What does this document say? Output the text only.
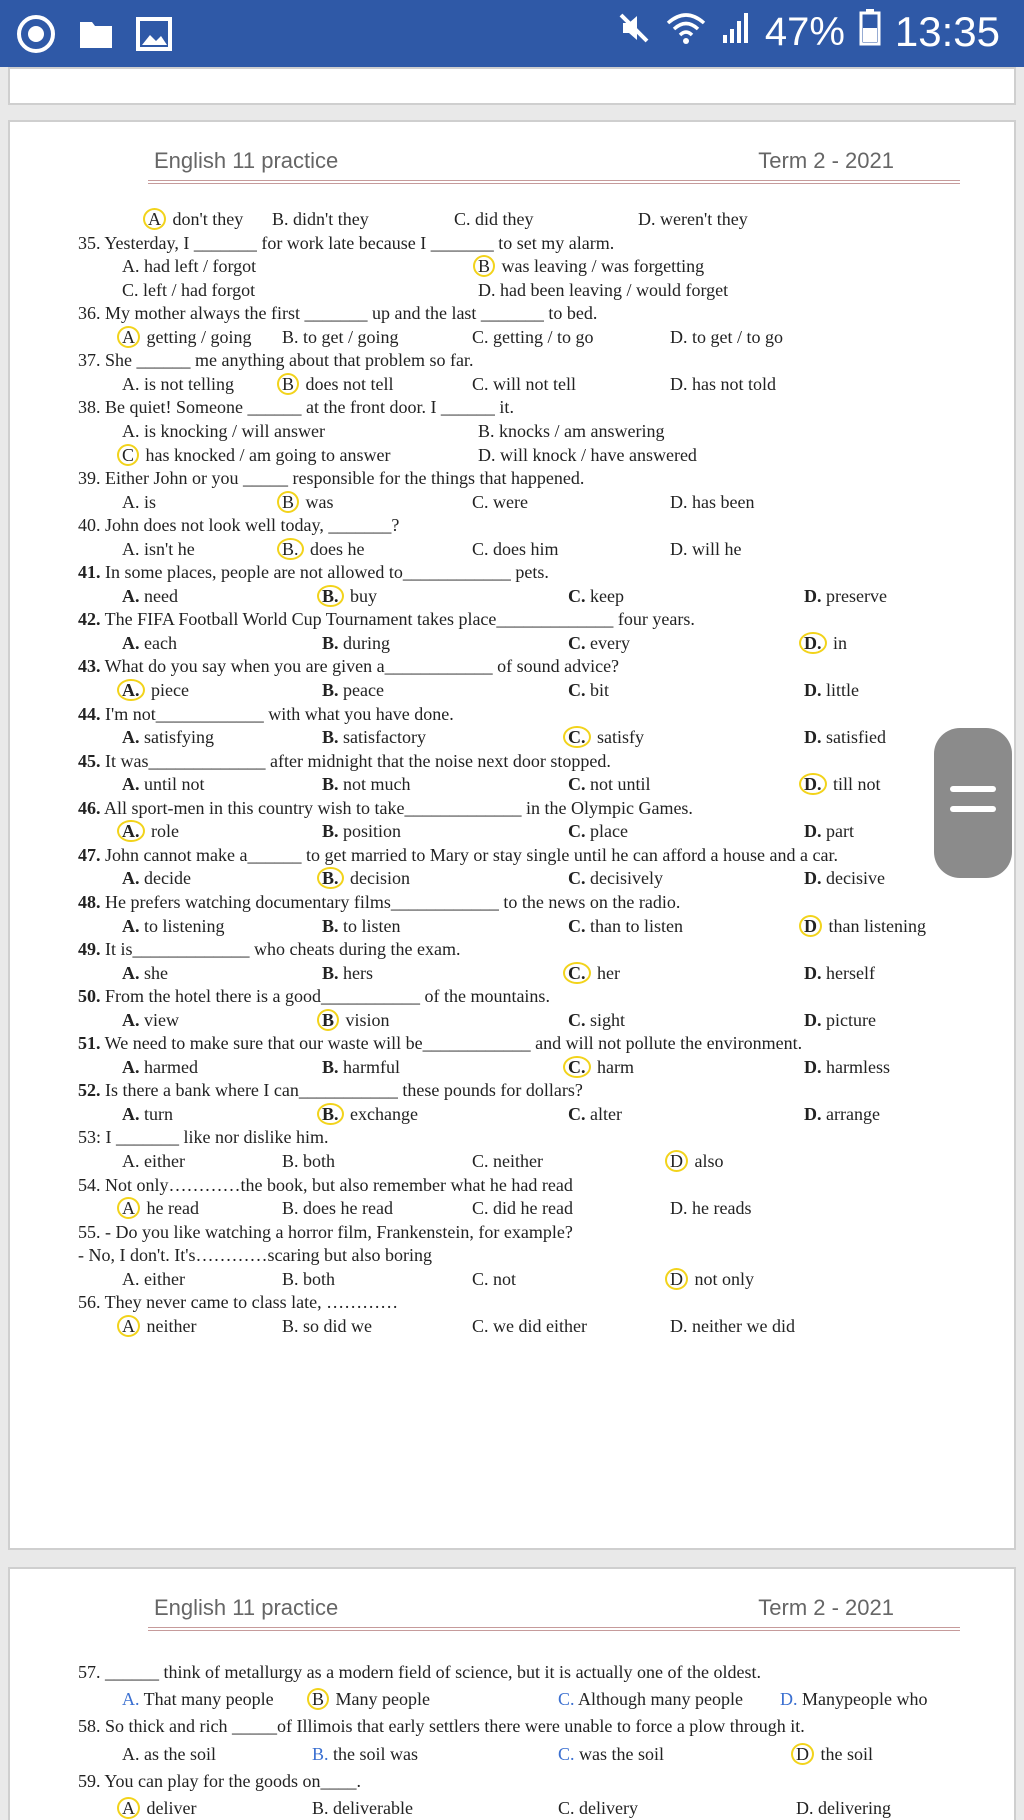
47% 13:35
English 11 practice	Term 2 - 2021
A don't they B. didn't they	C. did they	D. weren't they
35. Yesterday, I _______ for work late because I _______ to set my alarm.
A. had left / forgot	B was leaving / was forgetting
C. left / had forgot	D. had been leaving / would forget
36. My mother always the first _______ up and the last _______ to bed.
A getting / going B. to get / going	C. getting / to go	D. to get / to go
37. She ______ me anything about that problem so far.
A. is not telling	B does not tell	C. will not tell	D. has not told
38. Be quiet! Someone ______ at the front door. I ______ it.
A. is knocking / will answer	B. knocks / am answering
C has knocked / am going to answer	D. will knock / have answered
39. Either John or you _____ responsible for the things that happened.
A. is	B was	C. were	D. has been
40. John does not look well today, _______?
A. isn't he	B. does he	C. does him	D. will he
41. In some places, people are not allowed to____________ pets.
A. need	B. buy	C. keep	D. preserve
42. The FIFA Football World Cup Tournament takes place_____________ four years.
A. each	B. during	C. every	D. in
43. What do you say when you are given a____________ of sound advice?
A. piece	B. peace	C. bit	D. little
44. I'm not____________ with what you have done.
A. satisfying	B. satisfactory	C. satisfy	D. satisfied
45. It was_____________ after midnight that the noise next door stopped.
A. until not	B. not much	C. not until	D. till not
46. All sport-men in this country wish to take_____________ in the Olympic Games.
A. role	B. position	C. place	D. part
47. John cannot make a______ to get married to Mary or stay single until he can afford a house and a car.
A. decide	B. decision	C. decisively	D. decisive
48. He prefers watching documentary films____________ to the news on the radio.
A. to listening	B. to listen	C. than to listen	D than listening
49. It is_____________ who cheats during the exam.
A. she	B. hers	C. her	D. herself
50. From the hotel there is a good___________ of the mountains.
A. view	B vision	C. sight	D. picture
51. We need to make sure that our waste will be____________ and will not pollute the environment.
A. harmed	B. harmful	C. harm	D. harmless
52. Is there a bank where I can___________ these pounds for dollars?
A. turn	B. exchange	C. alter	D. arrange
53: I _______ like nor dislike him.
A. either	B. both	C. neither	D also
54. Not only…………the book, but also remember what he had read
A he read	B. does he read	C. did he read	D. he reads
55. - Do you like watching a horror film, Frankenstein, for example?
- No, I don't. It's…………scaring but also boring
A. either	B. both	C. not	D not only
56. They never came to class late, …………
A neither	B. so did we	C. we did either	D. neither we did
English 11 practice	Term 2 - 2021
57. ______ think of metallurgy as a modern field of science, but it is actually one of the oldest.
A. That many people B Many people	C. Although many people D. Manypeople who
58. So thick and rich _____of Illimois that early settlers there were unable to force a plow through it.
A. as the soil	B. the soil was	C. was the soil	D the soil
59. You can play for the goods on____.
A deliver	B. deliverable	C. delivery	D. delivering
